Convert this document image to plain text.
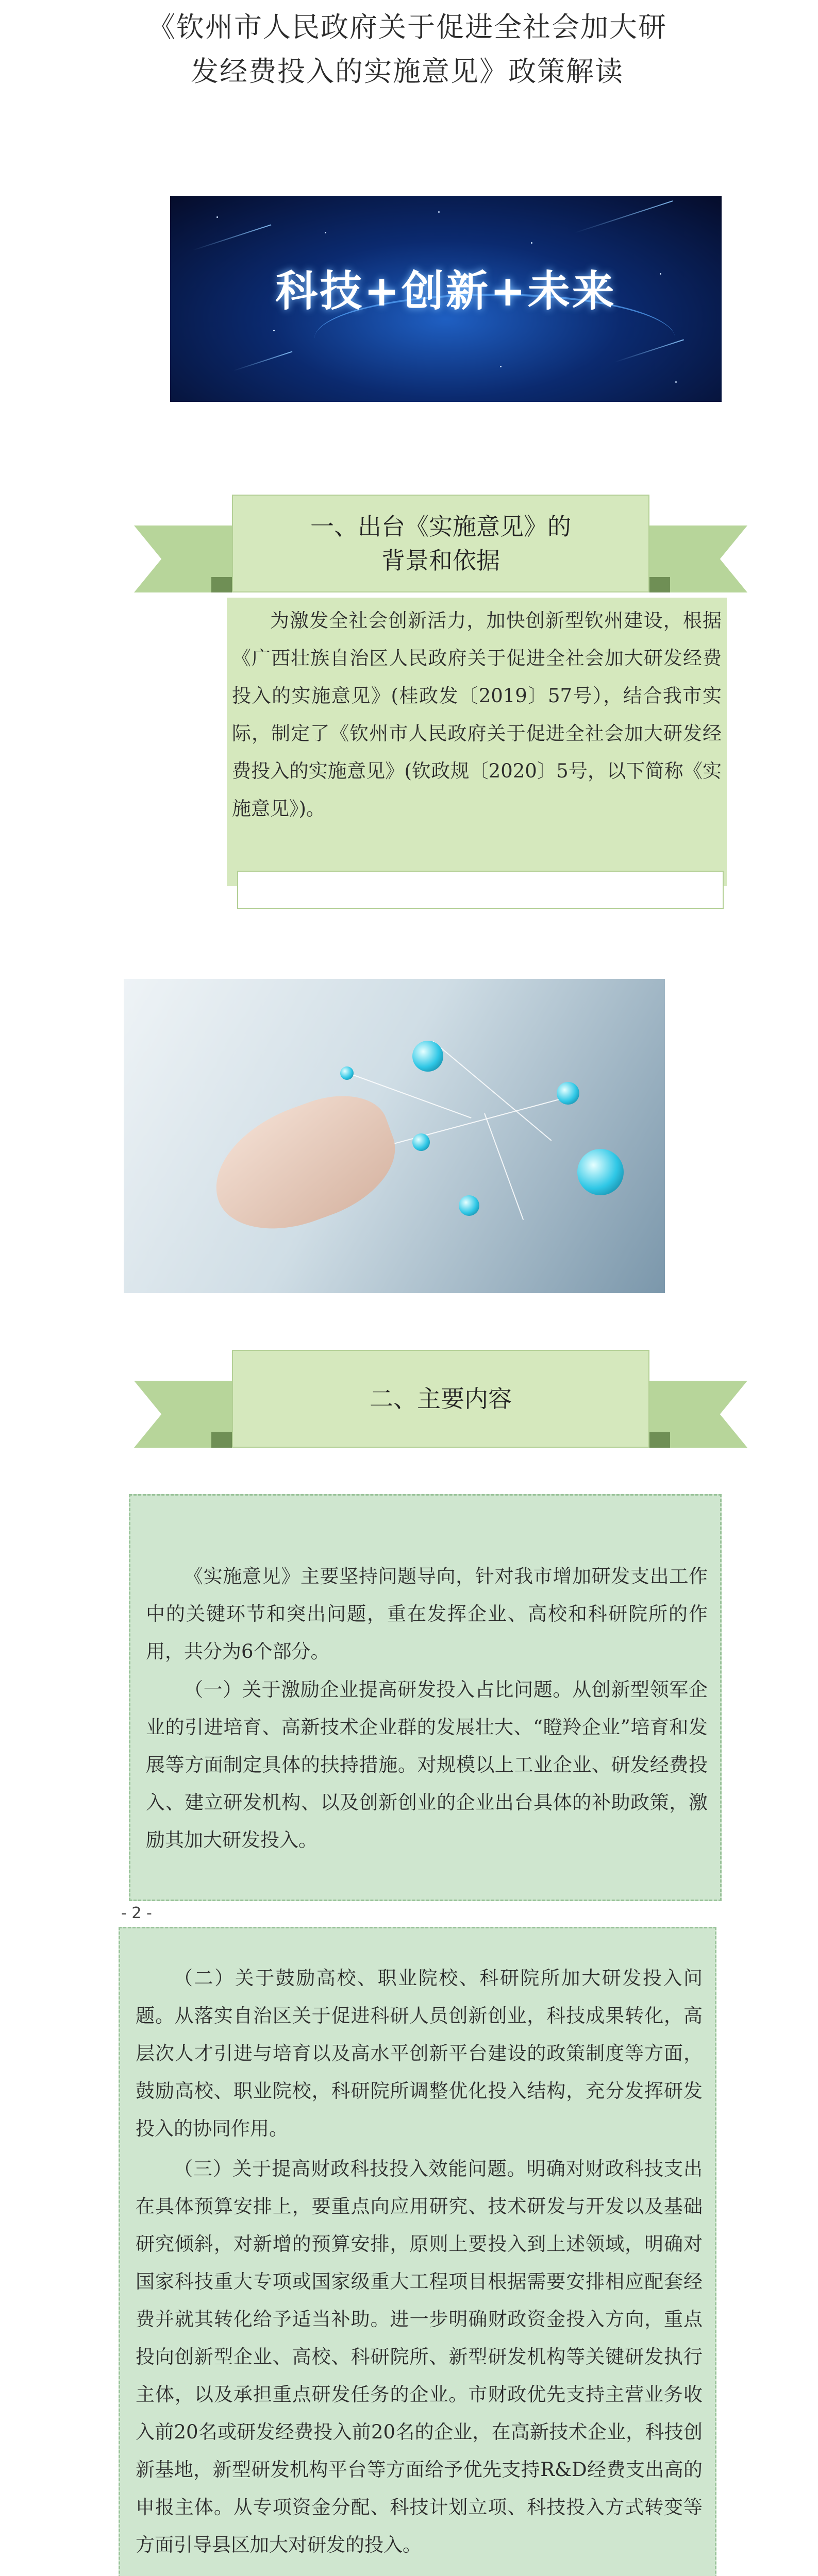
《钦州市人民政府关于促进全社会加大研
发经费投入的实施意见》政策解读
科技+创新+未来
一、出台《实施意见》的
背景和依据

为激发全社会创新活力，加快创新型钦州建设，根据《广西壮族自治区人民政府关于促进全社会加大研发经费投入的实施意见》(桂政发〔2019〕57号），结合我市实际，制定了《钦州市人民政府关于促进全社会加大研发经费投入的实施意见》(钦政规〔2020〕5号，以下简称《实施意见》)。

二、主要内容

《实施意见》主要坚持问题导向，针对我市增加研发支出工作中的关键环节和突出问题，重在发挥企业、高校和科研院所的作用，共分为6个部分。

（一）关于激励企业提高研发投入占比问题。从创新型领军企业的引进培育、高新技术企业群的发展壮大、“瞪羚企业”培育和发展等方面制定具体的扶持措施。对规模以上工业企业、研发经费投入、建立研发机构、以及创新创业的企业出台具体的补助政策，激励其加大研发投入。

- 2 -

（二）关于鼓励高校、职业院校、科研院所加大研发投入问题。从落实自治区关于促进科研人员创新创业，科技成果转化，高层次人才引进与培育以及高水平创新平台建设的政策制度等方面，鼓励高校、职业院校，科研院所调整优化投入结构，充分发挥研发投入的协同作用。

（三）关于提高财政科技投入效能问题。明确对财政科技支出在具体预算安排上，要重点向应用研究、技术研发与开发以及基础研究倾斜，对新增的预算安排，原则上要投入到上述领域，明确对国家科技重大专项或国家级重大工程项目根据需要安排相应配套经费并就其转化给予适当补助。进一步明确财政资金投入方向，重点投向创新型企业、高校、科研院所、新型研发机构等关键研发执行主体，以及承担重点研发任务的企业。市财政优先支持主营业务收入前20名或研发经费投入前20名的企业，在高新技术企业，科技创新基地，新型研发机构平台等方面给予优先支持R&D经费支出高的申报主体。从专项资金分配、科技计划立项、科技投入方式转变等方面引导县区加大对研发的投入。
